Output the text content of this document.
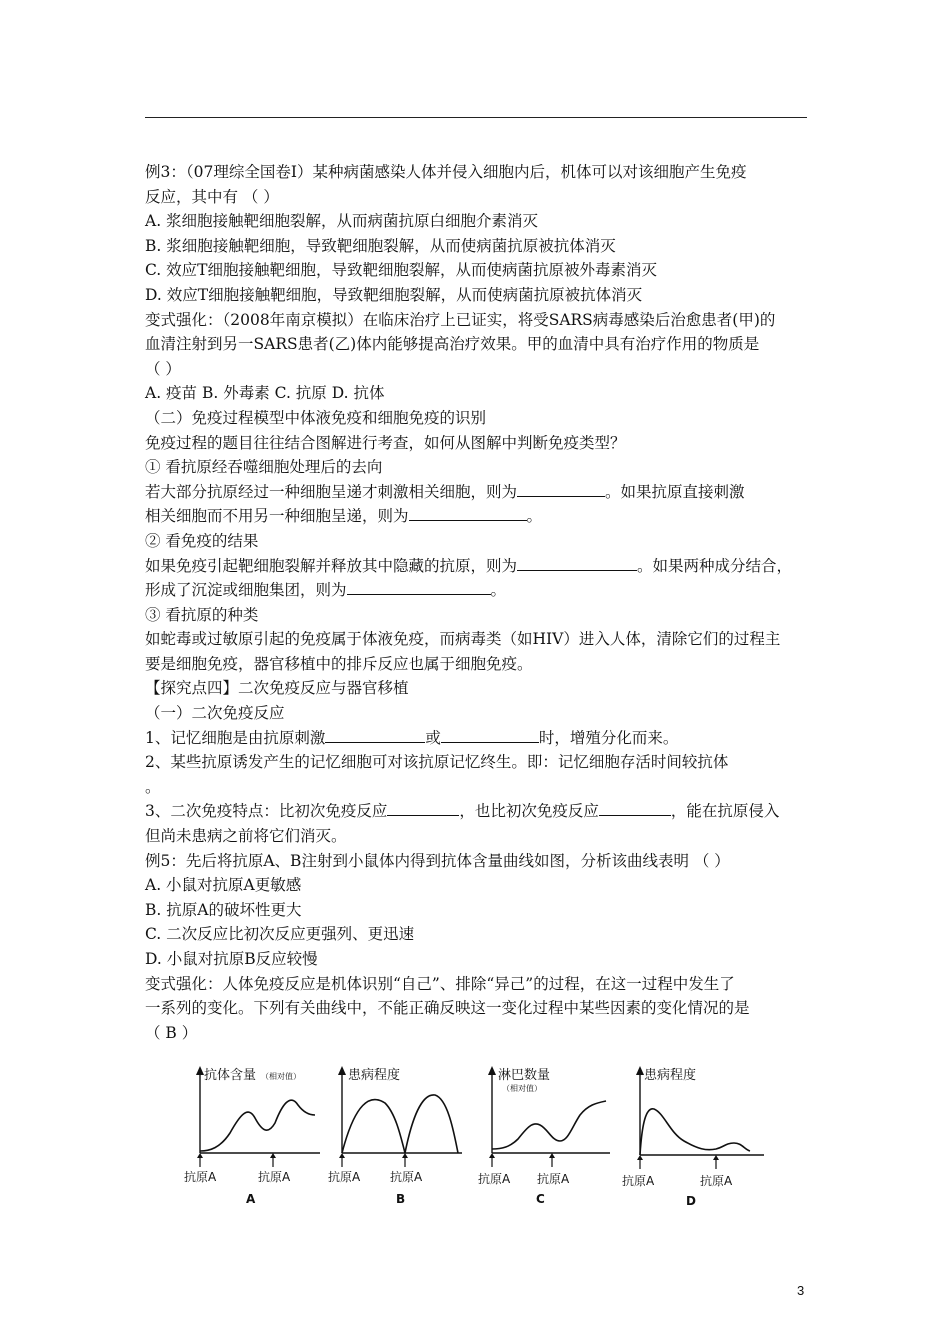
例3：（07理综全国卷Ⅰ）某种病菌感染人体并侵入细胞内后，机体可以对该细胞产生免疫

反应，其中有 （ ）

A. 浆细胞接触靶细胞裂解，从而病菌抗原白细胞介素消灭

B. 浆细胞接触靶细胞，导致靶细胞裂解，从而使病菌抗原被抗体消灭

C. 效应T细胞接触靶细胞，导致靶细胞裂解，从而使病菌抗原被外毒素消灭

D. 效应T细胞接触靶细胞，导致靶细胞裂解，从而使病菌抗原被抗体消灭

变式强化：（2008年南京模拟）在临床治疗上已证实，将受SARS病毒感染后治愈患者(甲)的

血清注射到另一SARS患者(乙)体内能够提高治疗效果。甲的血清中具有治疗作用的物质是

（ ）

A. 疫苗 B. 外毒素 C. 抗原 D. 抗体

（二）免疫过程模型中体液免疫和细胞免疫的识别

免疫过程的题目往往结合图解进行考查，如何从图解中判断免疫类型？

① 看抗原经吞噬细胞处理后的去向

若大部分抗原经过一种细胞呈递才刺激相关细胞，则为	。如果抗原直接刺激

相关细胞而不用另一种细胞呈递，则为	。

② 看免疫的结果

如果免疫引起靶细胞裂解并释放其中隐藏的抗原，则为	。如果两种成分结合，

形成了沉淀或细胞集团，则为	。

③ 看抗原的种类

如蛇毒或过敏原引起的免疫属于体液免疫，而病毒类（如HIV）进入人体，清除它们的过程主

要是细胞免疫，器官移植中的排斥反应也属于细胞免疫。

【探究点四】二次免疫反应与器官移植

（一）二次免疫反应

1、记忆细胞是由抗原刺激	或	时，增殖分化而来。

2、某些抗原诱发产生的记忆细胞可对该抗原记忆终生。即：记忆细胞存活时间较抗体

。

3、二次免疫特点：比初次免疫反应	，也比初次免疫反应	，能在抗原侵入

但尚未患病之前将它们消灭。

例5：先后将抗原A、B注射到小鼠体内得到抗体含量曲线如图，分析该曲线表明 （ ）

A. 小鼠对抗原A更敏感

B. 抗原A的破坏性更大

C. 二次反应比初次反应更强列、更迅速

D. 小鼠对抗原B反应较慢

变式强化：人体免疫反应是机体识别“自己”、排除“异己”的过程，在这一过程中发生了

一系列的变化。下列有关曲线中，不能正确反映这一变化过程中某些因素的变化情况的是

（ B ）

抗体含量 （相对值）
抗原A	抗原A
A
患病程度
抗原A 抗原A
B
淋巴数量
（相对值）
抗原A 抗原A
C
患病程度
抗原A	抗原A
D
3
